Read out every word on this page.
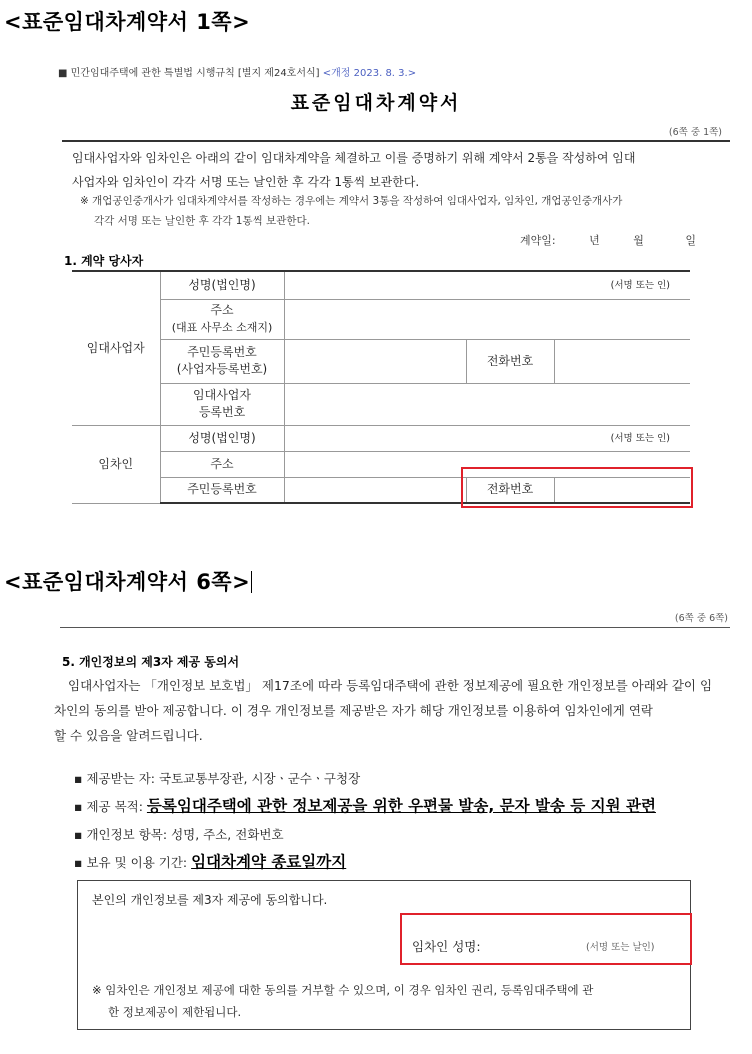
<표준임대차계약서 1쪽>
■ 민간임대주택에 관한 특별법 시행규칙 [별지 제24호서식] <개정 2023. 8. 3.>
표준임대차계약서
(6쪽 중 1쪽)
임대사업자와 임차인은 아래의 같이 임대차계약을 체결하고 이를 증명하기 위해 계약서 2통을 작성하여 임대
사업자와 임차인이 각각 서명 또는 날인한 후 각각 1통씩 보관한다.
※ 개업공인중개사가 임대차계약서를 작성하는 경우에는 계약서 3통을 작성하여 임대사업자, 임차인, 개업공인중개사가
각각 서명 또는 날인한 후 각각 1통씩 보관한다.
계약일:	년	월	일
1. 계약 당사자
임대사업자	성명(법인명)	(서명 또는 인)		

	주소
(대표 사무소 소재지)			

	주민등록번호
(사업자등록번호)		전화번호	

	임대사업자
등록번호			

임차인	성명(법인명)	(서명 또는 인)		
	주소			
	주민등록번호		전화번호	
<표준임대차계약서 6쪽>
(6쪽 중 6쪽)
5. 개인정보의 제3자 제공 동의서
임대사업자는 「개인정보 보호법」 제17조에 따라 등록임대주택에 관한 정보제공에 필요한 개인정보를 아래와 같이 임
차인의 동의를 받아 제공합니다. 이 경우 개인정보를 제공받은 자가 해당 개인정보를 이용하여 임차인에게 연락
할 수 있음을 알려드립니다.
▪ 제공받는 자: 국토교통부장관, 시장ㆍ군수ㆍ구청장
▪ 제공 목적: 등록임대주택에 관한 정보제공을 위한 우편물 발송, 문자 발송 등 지원 관련
▪ 개인정보 항목: 성명, 주소, 전화번호
▪ 보유 및 이용 기간: 임대차계약 종료일까지
본인의 개인정보를 제3자 제공에 동의합니다.
임차인 성명:	(서명 또는 날인)
※ 임차인은 개인정보 제공에 대한 동의를 거부할 수 있으며, 이 경우 임차인 권리, 등록임대주택에 관
한 정보제공이 제한됩니다.
